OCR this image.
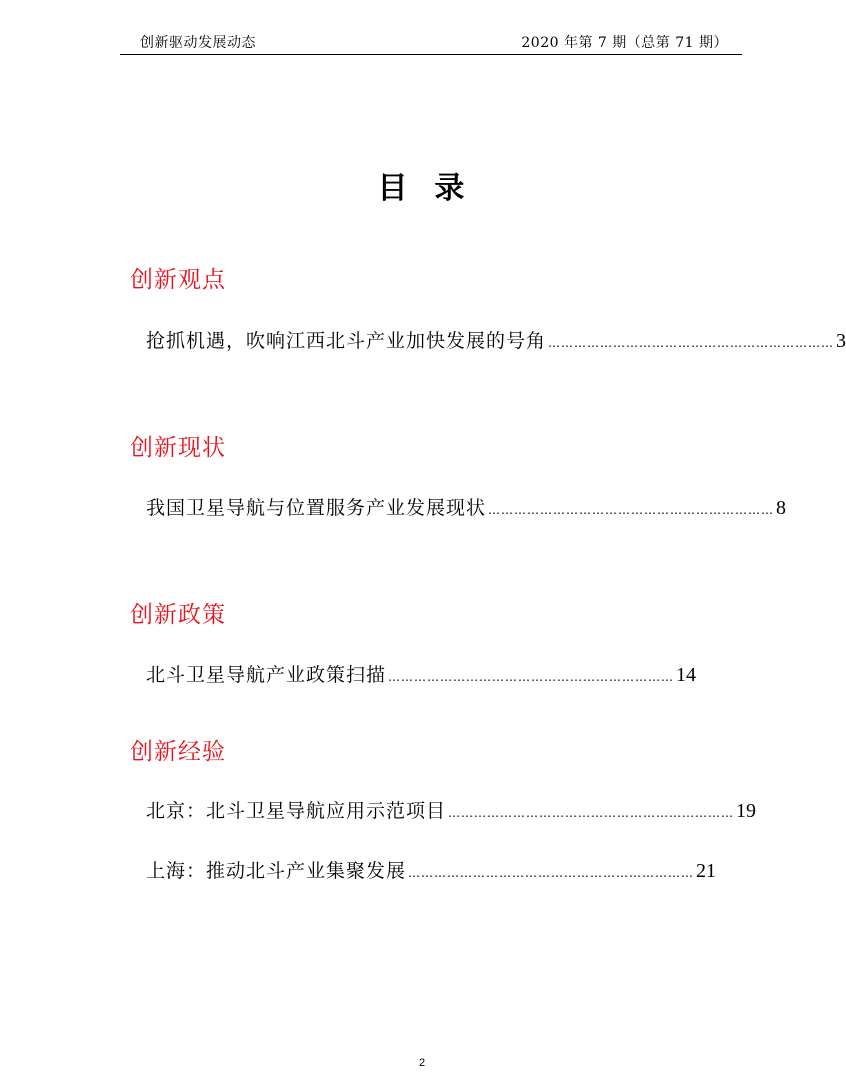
创新驱动发展动态	2020 年第 7 期（总第 71 期）
目  录
创新观点
抢抓机遇，吹响江西北斗产业加快发展的号角 ………………………………………………………… 3
创新现状
我国卫星导航与位置服务产业发展现状 ………………………………………………………… 8
创新政策
北斗卫星导航产业政策扫描 ………………………………………………………… 14
创新经验
北京：北斗卫星导航应用示范项目 ………………………………………………………… 19
上海：推动北斗产业集聚发展 ………………………………………………………… 21
2
